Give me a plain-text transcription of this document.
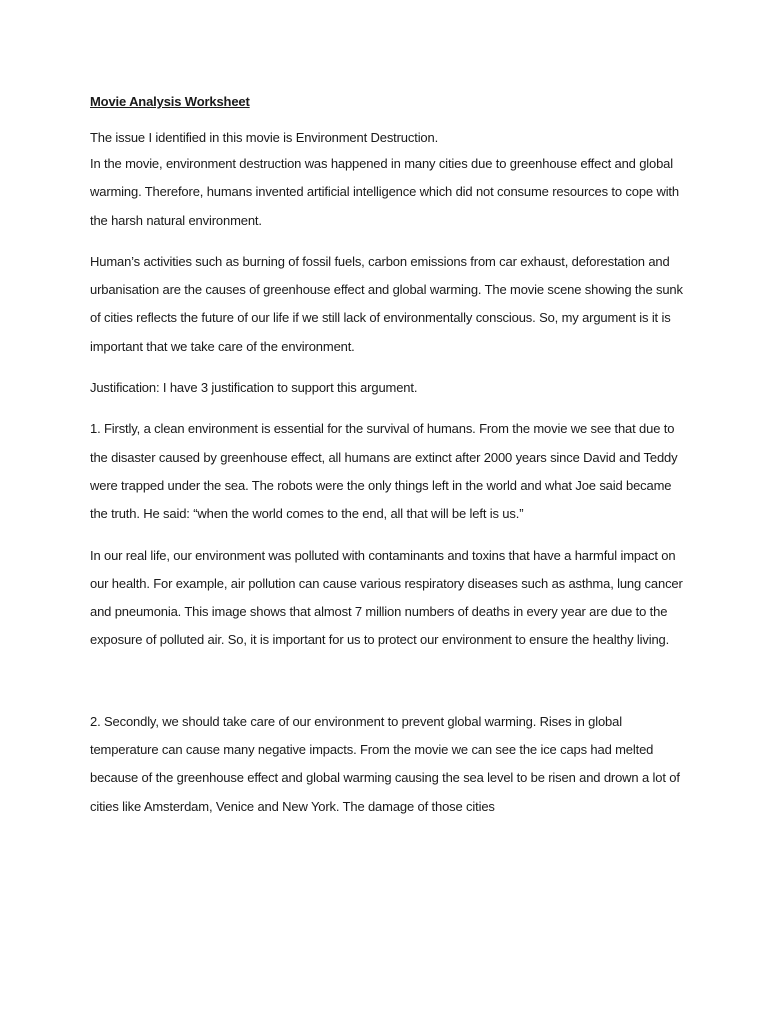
Movie Analysis Worksheet

The issue I identified in this movie is Environment Destruction.

In the movie, environment destruction was happened in many cities due to greenhouse effect and global warming. Therefore, humans invented artificial intelligence which did not consume resources to cope with the harsh natural environment.

Human’s activities such as burning of fossil fuels, carbon emissions from car exhaust, deforestation and urbanisation are the causes of greenhouse effect and global warming. The movie scene showing the sunk of cities reflects the future of our life if we still lack of environmentally conscious. So, my argument is it is important that we take care of the environment.

Justification: I have 3 justification to support this argument.

1. Firstly, a clean environment is essential for the survival of humans. From the movie we see that due to the disaster caused by greenhouse effect, all humans are extinct after 2000 years since David and Teddy were trapped under the sea. The robots were the only things left in the world and what Joe said became the truth. He said: “when the world comes to the end, all that will be left is us.”

In our real life, our environment was polluted with contaminants and toxins that have a harmful impact on our health. For example, air pollution can cause various respiratory diseases such as asthma, lung cancer and pneumonia. This image shows that almost 7 million numbers of deaths in every year are due to the exposure of polluted air. So, it is important for us to protect our environment to ensure the healthy living.

2. Secondly, we should take care of our environment to prevent global warming. Rises in global temperature can cause many negative impacts. From the movie we can see the ice caps had melted because of the greenhouse effect and global warming causing the sea level to be risen and drown a lot of cities like Amsterdam, Venice and New York. The damage of those cities
